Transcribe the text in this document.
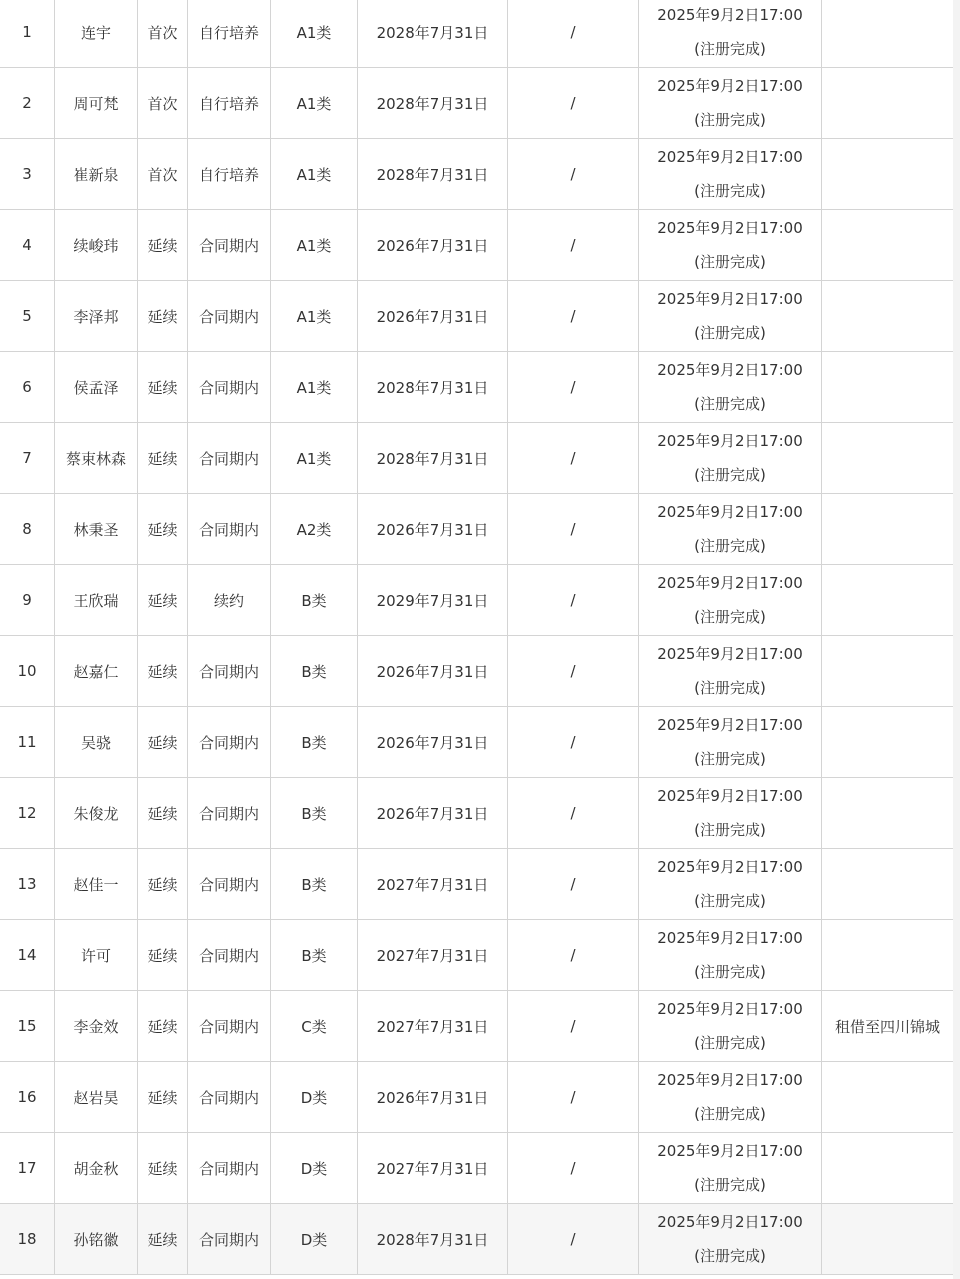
1	连宇	首次	自行培养	A1类	2028年7月31日	/	2025年9月2日17:00
(注册完成)	

2	周可梵	首次	自行培养	A1类	2028年7月31日	/	2025年9月2日17:00
(注册完成)	

3	崔新泉	首次	自行培养	A1类	2028年7月31日	/	2025年9月2日17:00
(注册完成)	

4	续峻玮	延续	合同期内	A1类	2026年7月31日	/	2025年9月2日17:00
(注册完成)	

5	李泽邦	延续	合同期内	A1类	2026年7月31日	/	2025年9月2日17:00
(注册完成)	

6	侯孟泽	延续	合同期内	A1类	2028年7月31日	/	2025年9月2日17:00
(注册完成)	

7	蔡束林森	延续	合同期内	A1类	2028年7月31日	/	2025年9月2日17:00
(注册完成)	

8	林秉圣	延续	合同期内	A2类	2026年7月31日	/	2025年9月2日17:00
(注册完成)	

9	王欣瑞	延续	续约	B类	2029年7月31日	/	2025年9月2日17:00
(注册完成)	

10	赵嘉仁	延续	合同期内	B类	2026年7月31日	/	2025年9月2日17:00
(注册完成)	

11	吴骁	延续	合同期内	B类	2026年7月31日	/	2025年9月2日17:00
(注册完成)	

12	朱俊龙	延续	合同期内	B类	2026年7月31日	/	2025年9月2日17:00
(注册完成)	

13	赵佳一	延续	合同期内	B类	2027年7月31日	/	2025年9月2日17:00
(注册完成)	

14	许可	延续	合同期内	B类	2027年7月31日	/	2025年9月2日17:00
(注册完成)	

15	李金效	延续	合同期内	C类	2027年7月31日	/	2025年9月2日17:00
(注册完成)	租借至四川锦城
16	赵岩昊	延续	合同期内	D类	2026年7月31日	/	2025年9月2日17:00
(注册完成)	

17	胡金秋	延续	合同期内	D类	2027年7月31日	/	2025年9月2日17:00
(注册完成)	

18	孙铭徽	延续	合同期内	D类	2028年7月31日	/	2025年9月2日17:00
(注册完成)	
